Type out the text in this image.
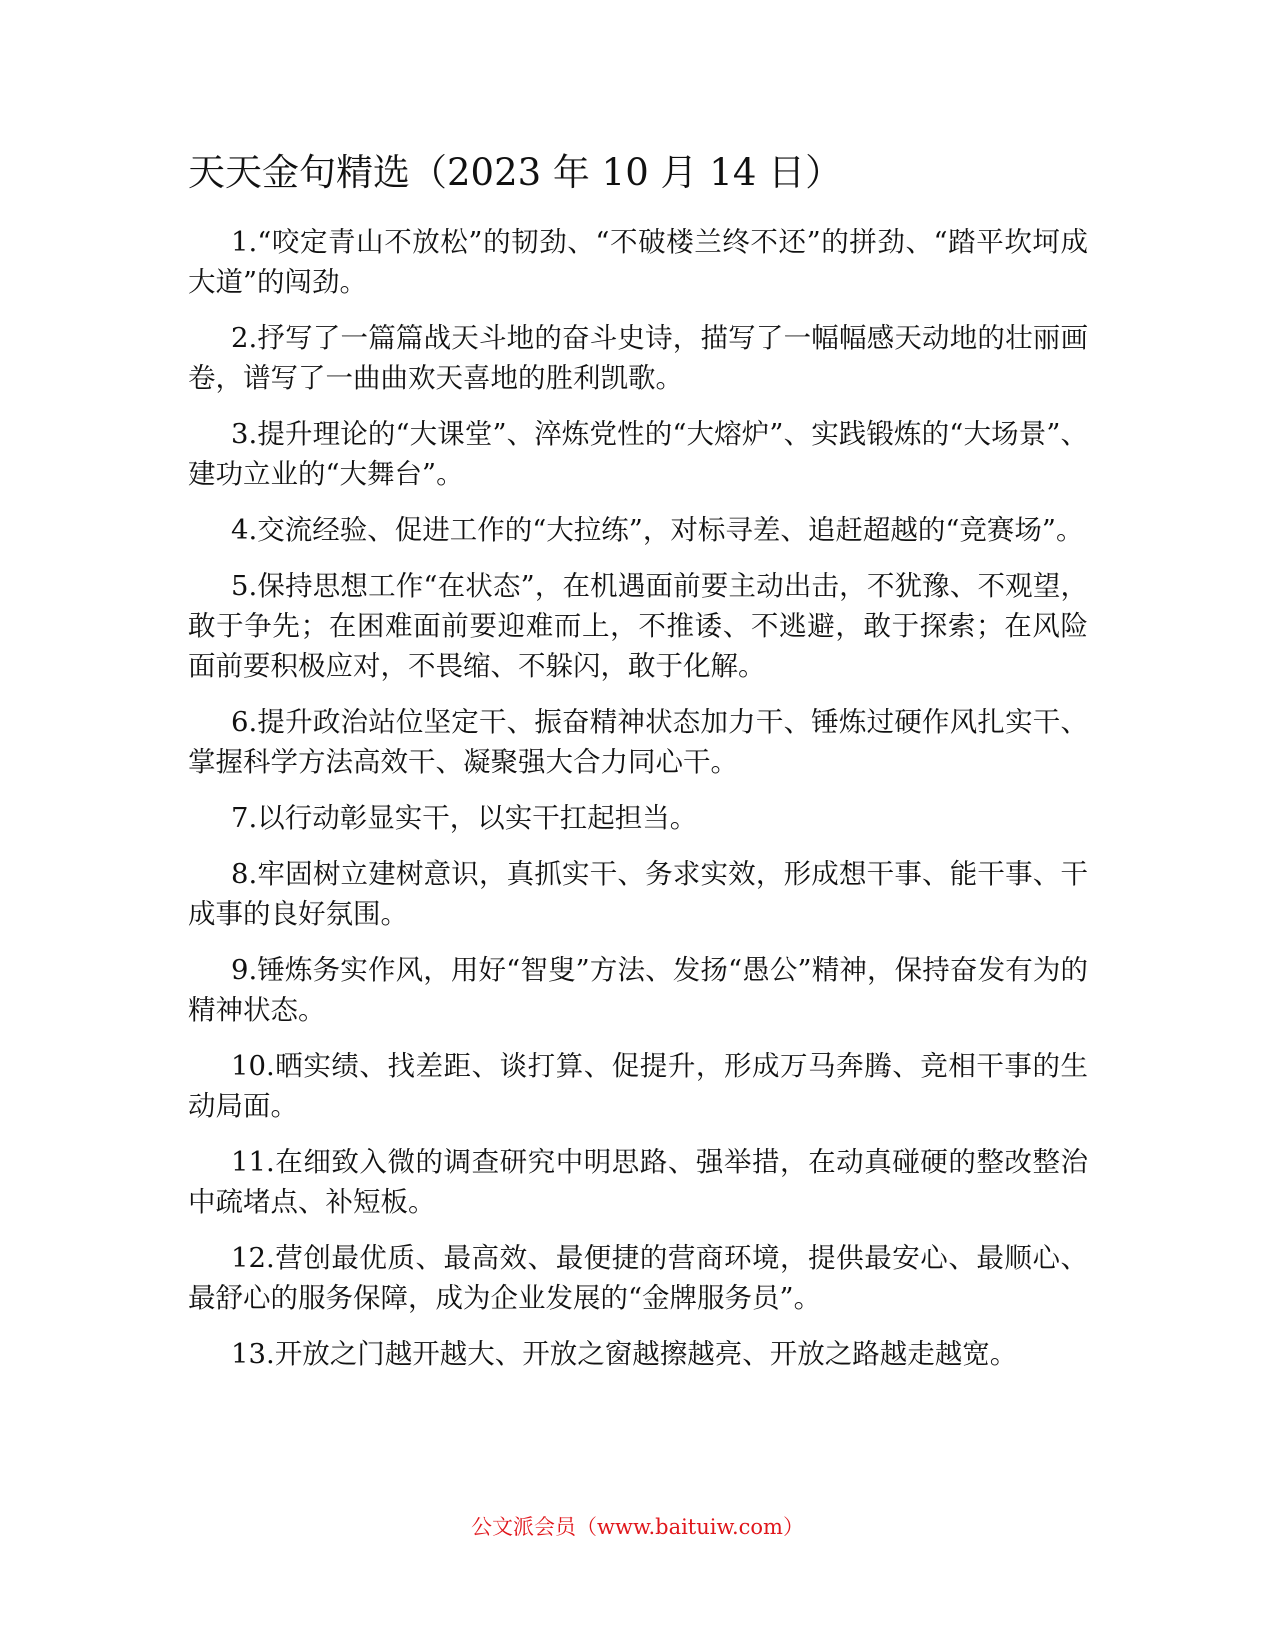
天天金句精选（2023 年 10 月 14 日）

1.“咬定青山不放松”的韧劲、“不破楼兰终不还”的拼劲、“踏平坎坷成大道”的闯劲。

2.抒写了一篇篇战天斗地的奋斗史诗，描写了一幅幅感天动地的壮丽画卷，谱写了一曲曲欢天喜地的胜利凯歌。

3.提升理论的“大课堂”、淬炼党性的“大熔炉”、实践锻炼的“大场景”、建功立业的“大舞台”。

4.交流经验、促进工作的“大拉练”，对标寻差、追赶超越的“竞赛场”。

5.保持思想工作“在状态”，在机遇面前要主动出击，不犹豫、不观望，敢于争先；在困难面前要迎难而上，不推诿、不逃避，敢于探索；在风险面前要积极应对，不畏缩、不躲闪，敢于化解。

6.提升政治站位坚定干、振奋精神状态加力干、锤炼过硬作风扎实干、掌握科学方法高效干、凝聚强大合力同心干。

7.以行动彰显实干，以实干扛起担当。

8.牢固树立建树意识，真抓实干、务求实效，形成想干事、能干事、干成事的良好氛围。

9.锤炼务实作风，用好“智叟”方法、发扬“愚公”精神，保持奋发有为的精神状态。

10.晒实绩、找差距、谈打算、促提升，形成万马奔腾、竞相干事的生动局面。

11.在细致入微的调查研究中明思路、强举措，在动真碰硬的整改整治中疏堵点、补短板。

12.营创最优质、最高效、最便捷的营商环境，提供最安心、最顺心、最舒心的服务保障，成为企业发展的“金牌服务员”。

13.开放之门越开越大、开放之窗越擦越亮、开放之路越走越宽。

公文派会员（www.baituiw.com）
